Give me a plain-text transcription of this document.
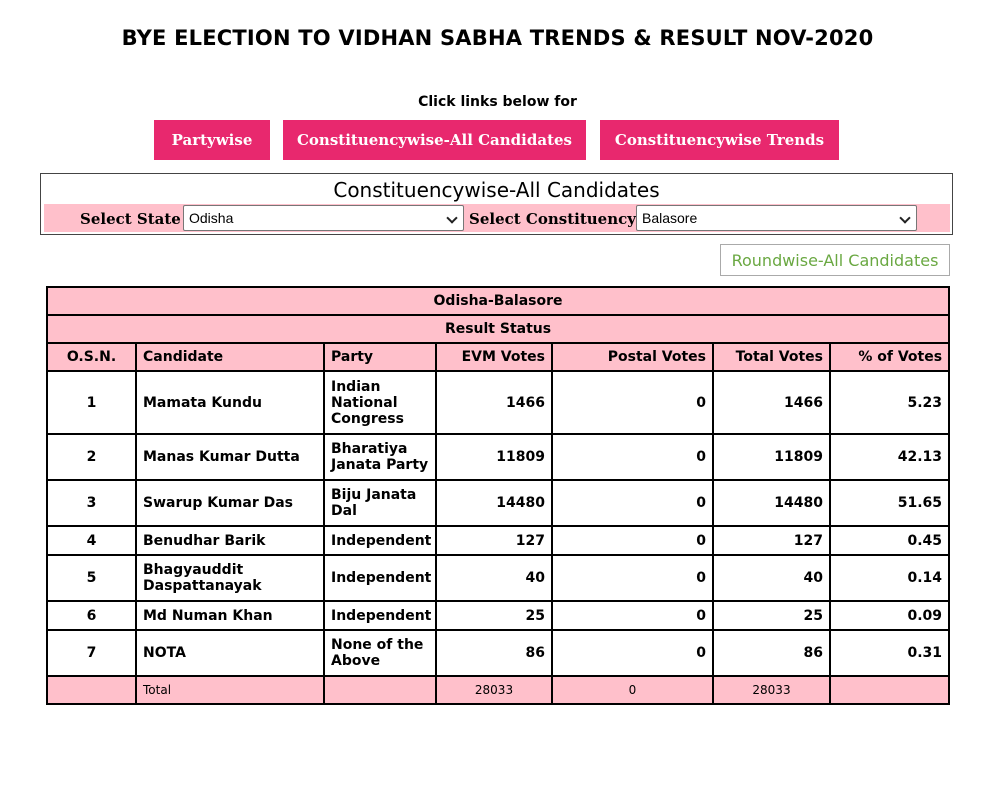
BYE ELECTION TO VIDHAN SABHA TRENDS & RESULT NOV-2020
Click links below for
Partywise	Constituencywise-All Candidates	Constituencywise Trends
Constituencywise-All Candidates
Select State Odisha	Select Constituency Balasore
Roundwise-All Candidates
Odisha-Balasore						
Result Status						
O.S.N.	Candidate	Party	EVM Votes	Postal Votes	Total Votes	% of Votes
1	Mamata Kundu	Indian National Congress	1466	0	1466	5.23
2	Manas Kumar Dutta	Bharatiya Janata Party	11809	0	11809	42.13
3	Swarup Kumar Das	Biju Janata Dal	14480	0	14480	51.65
4	Benudhar Barik	Independent	127	0	127	0.45
5	Bhagyauddit Daspattanayak	Independent	40	0	40	0.14
6	Md Numan Khan	Independent	25	0	25	0.09
7	NOTA	None of the Above	86	0	86	0.31
	Total		28033	0	28033	
